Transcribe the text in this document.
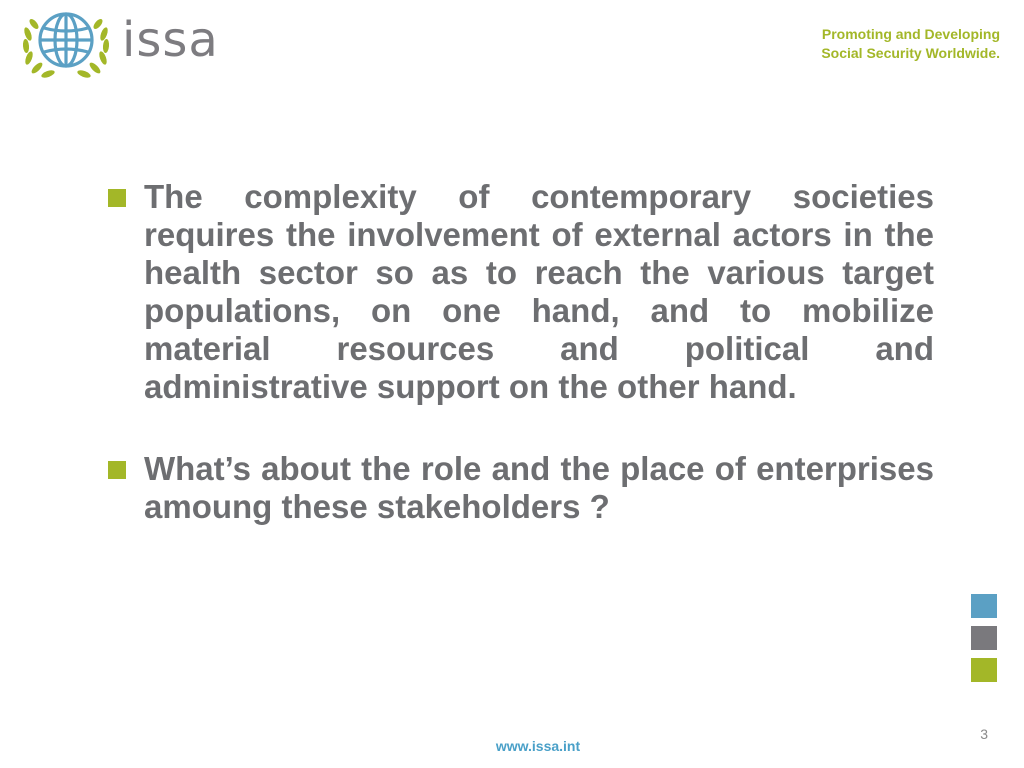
issa	Promoting and Developing
Social Security Worldwide.
The complexity of contemporary societies requires the involvement of external actors in the health sector so as to reach the various target populations, on one hand, and to mobilize material resources and political and administrative support on the other hand.
What’s about the role and the place of enterprises amoung these stakeholders ?
3
www.issa.int
